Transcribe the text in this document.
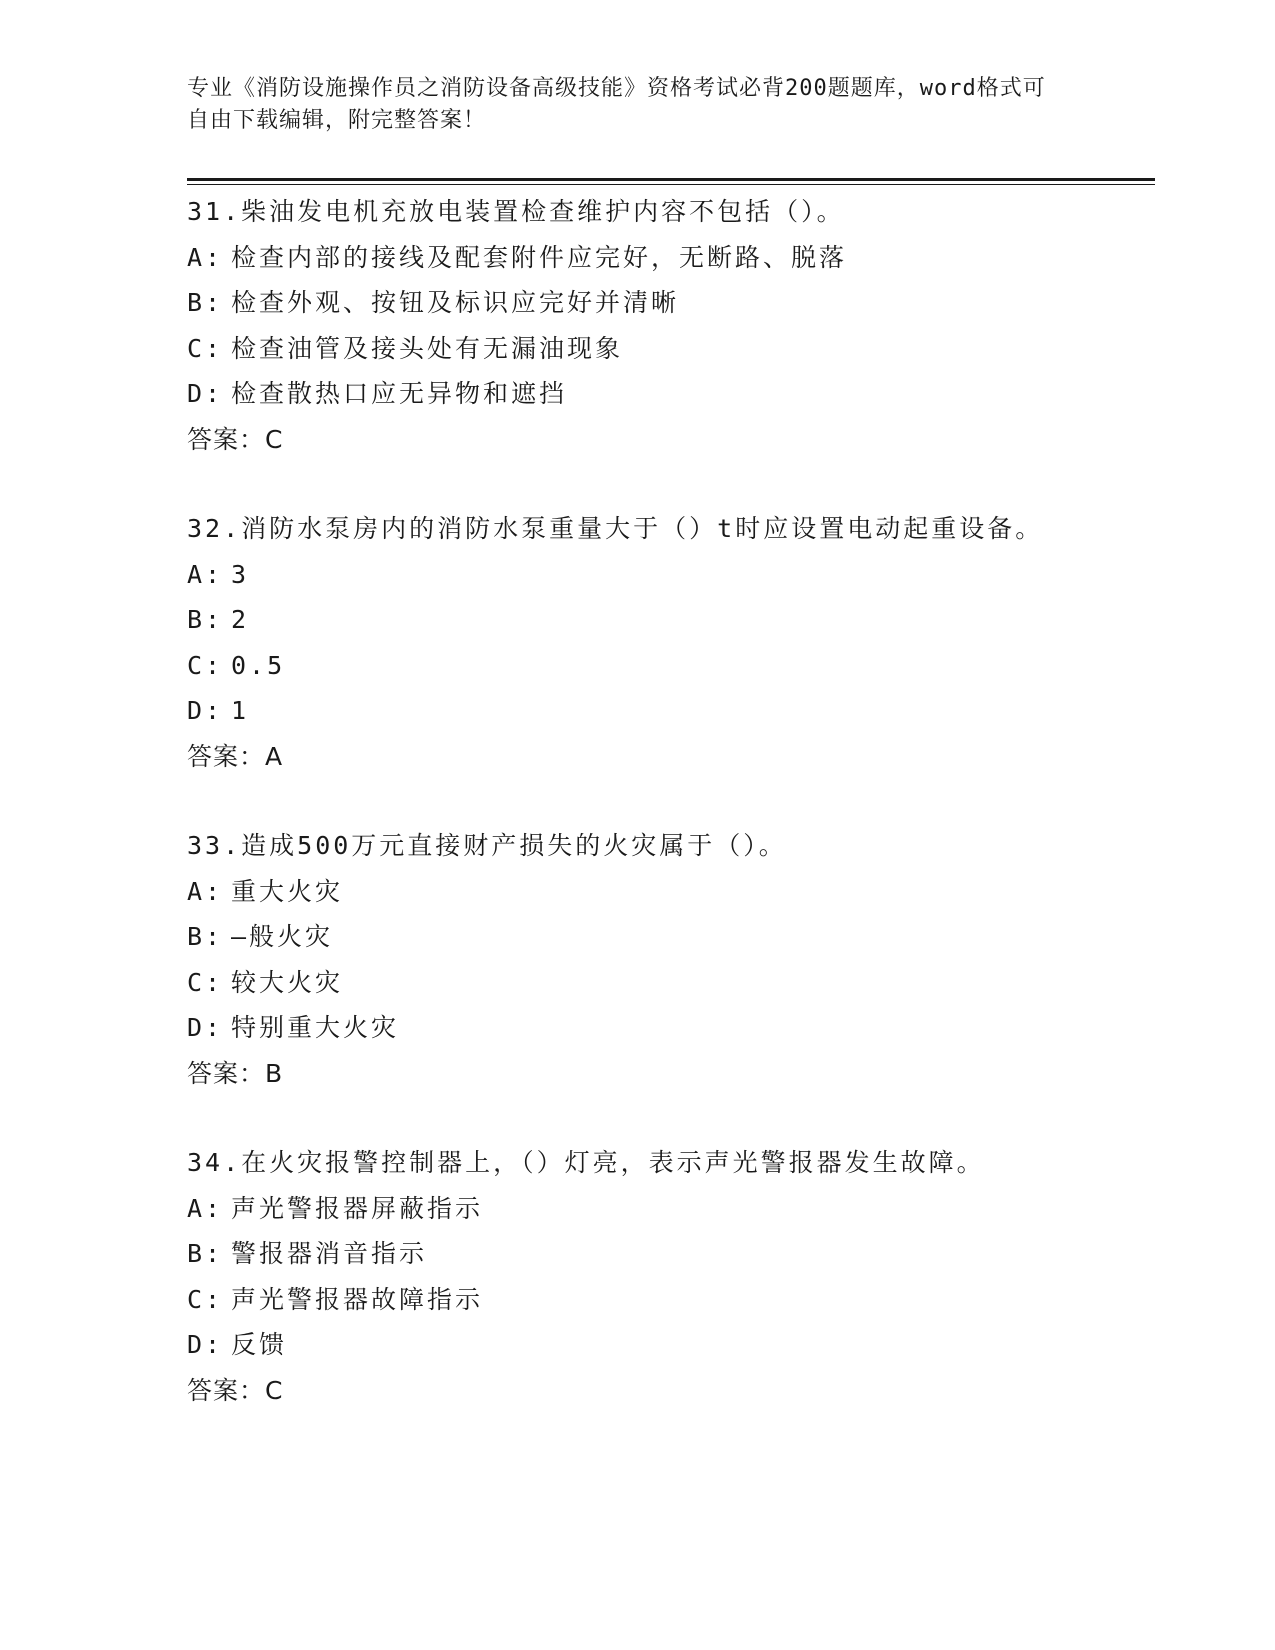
专业《消防设施操作员之消防设备高级技能》资格考试必背200题题库，word格式可自由下载编辑，附完整答案！
31.柴油发电机充放电装置检查维护内容不包括（）。
A: 检查内部的接线及配套附件应完好，无断路、脱落
B: 检查外观、按钮及标识应完好并清晰
C: 检查油管及接头处有无漏油现象
D: 检查散热口应无异物和遮挡
答案：C
32.消防水泵房内的消防水泵重量大于（）t时应设置电动起重设备。
A: 3
B: 2
C: 0.5
D: 1
答案：A
33.造成500万元直接财产损失的火灾属于（）。
A: 重大火灾
B: —般火灾
C: 较大火灾
D: 特别重大火灾
答案：B
34.在火灾报警控制器上，（）灯亮，表示声光警报器发生故障。
A: 声光警报器屏蔽指示
B: 警报器消音指示
C: 声光警报器故障指示
D: 反馈
答案：C
